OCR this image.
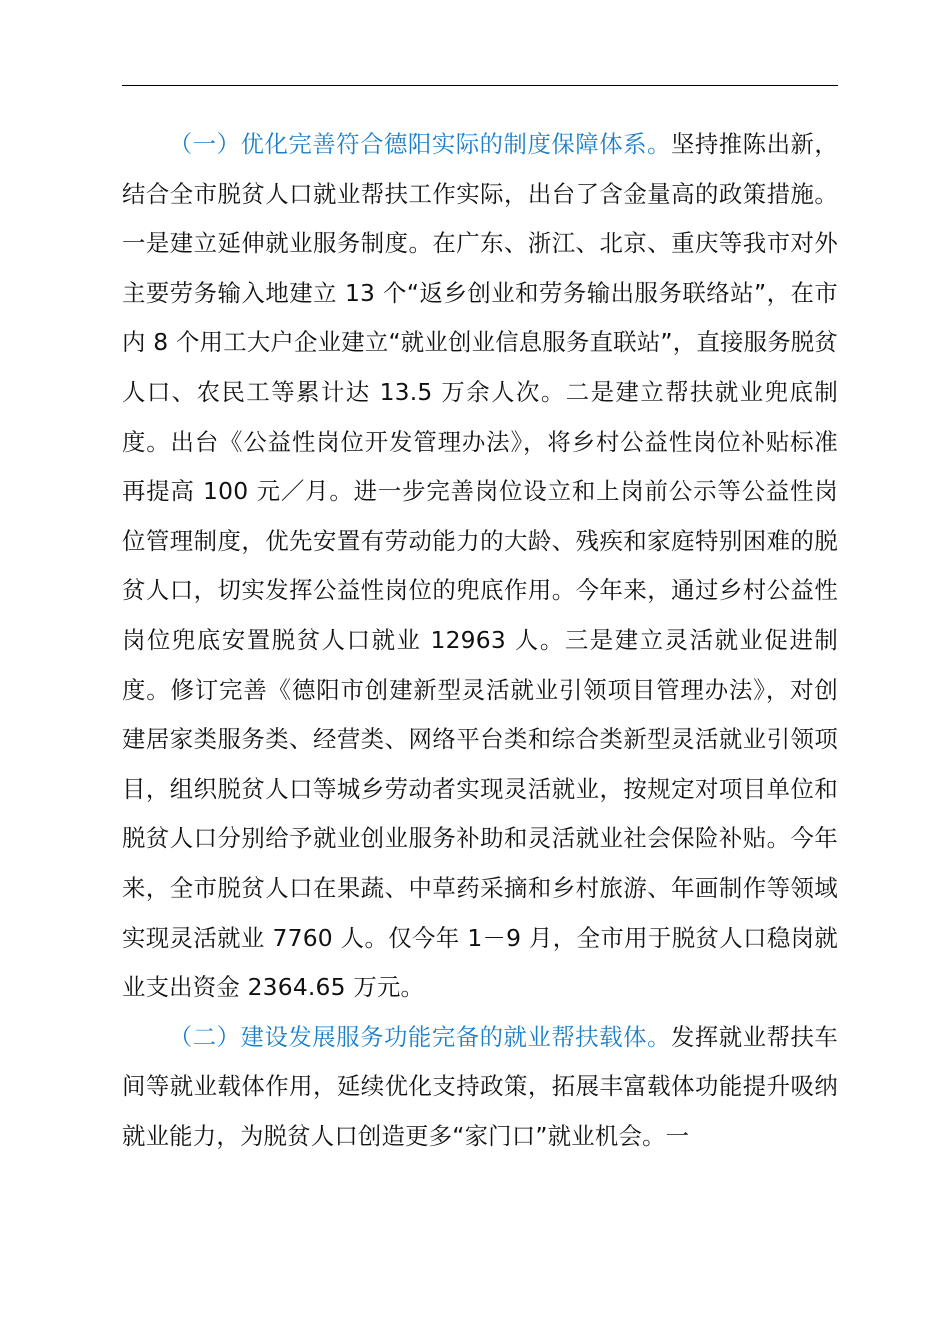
（一）优化完善符合德阳实际的制度保障体系。坚持推陈出新，结合全市脱贫人口就业帮扶工作实际，出台了含金量高的政策措施。一是建立延伸就业服务制度。在广东、浙江、北京、重庆等我市对外主要劳务输入地建立 13 个“返乡创业和劳务输出服务联络站”，在市内 8 个用工大户企业建立“就业创业信息服务直联站”，直接服务脱贫人口、农民工等累计达 13.5 万余人次。二是建立帮扶就业兜底制度。出台《公益性岗位开发管理办法》，将乡村公益性岗位补贴标准再提高 100 元／月。进一步完善岗位设立和上岗前公示等公益性岗位管理制度，优先安置有劳动能力的大龄、残疾和家庭特别困难的脱贫人口，切实发挥公益性岗位的兜底作用。今年来，通过乡村公益性岗位兜底安置脱贫人口就业 12963 人。三是建立灵活就业促进制度。修订完善《德阳市创建新型灵活就业引领项目管理办法》，对创建居家类服务类、经营类、网络平台类和综合类新型灵活就业引领项目，组织脱贫人口等城乡劳动者实现灵活就业，按规定对项目单位和脱贫人口分别给予就业创业服务补助和灵活就业社会保险补贴。今年来，全市脱贫人口在果蔬、中草药采摘和乡村旅游、年画制作等领域实现灵活就业 7760 人。仅今年 1－9 月，全市用于脱贫人口稳岗就业支出资金 2364.65 万元。

（二）建设发展服务功能完备的就业帮扶载体。发挥就业帮扶车间等就业载体作用，延续优化支持政策，拓展丰富载体功能提升吸纳就业能力，为脱贫人口创造更多“家门口”就业机会。一
